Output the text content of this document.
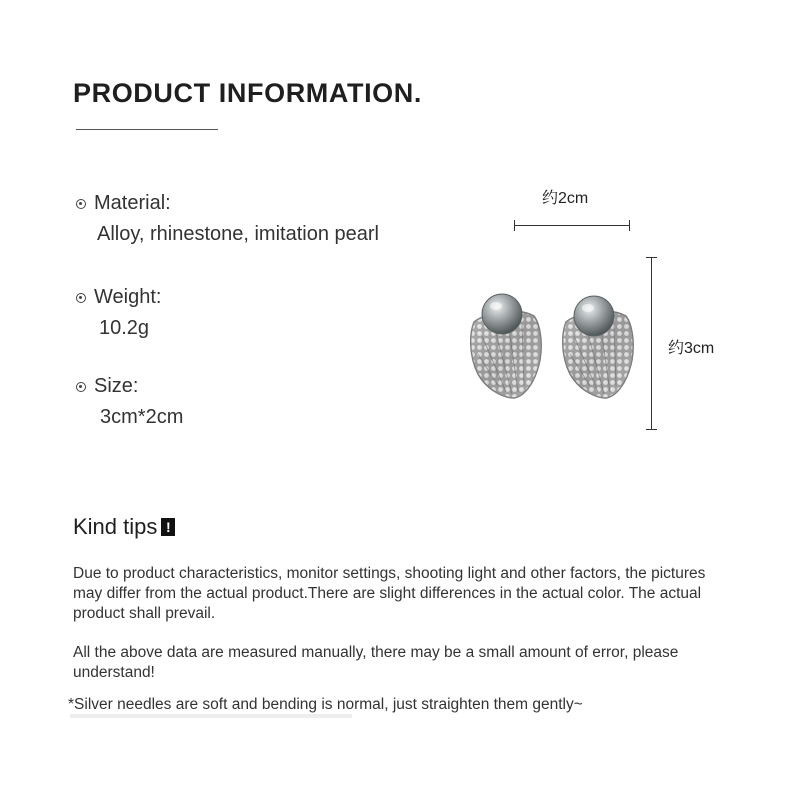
PRODUCT INFORMATION.
Material:
Alloy, rhinestone, imitation pearl
Weight:
10.2g
Size:
3cm*2cm
约2cm
约3cm
Kind tips !

Due to product characteristics, monitor settings, shooting light and other factors, the pictures may differ from the actual product.There are slight differences in the actual color. The actual product shall prevail.

All the above data are measured manually, there may be a small amount of error, please understand!

*Silver needles are soft and bending is normal, just straighten them gently~
